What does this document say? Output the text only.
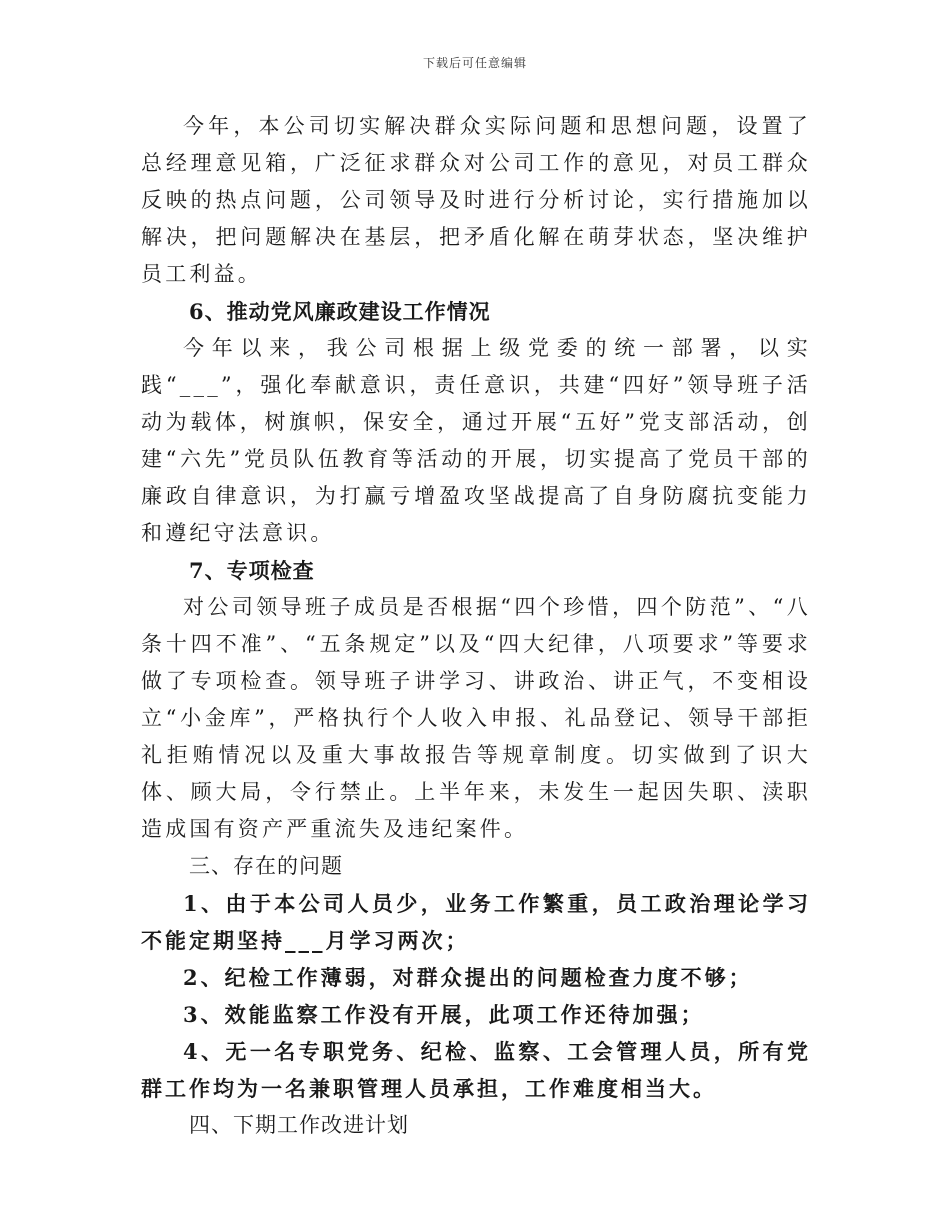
下载后可任意编辑

今年，本公司切实解决群众实际问题和思想问题，设置了总经理意见箱，广泛征求群众对公司工作的意见，对员工群众反映的热点问题，公司领导及时进行分析讨论，实行措施加以解决，把问题解决在基层，把矛盾化解在萌芽状态，坚决维护员工利益。

6、推动党风廉政建设工作情况

今年以来，我公司根据上级党委的统一部署，以实践“___”，强化奉献意识，责任意识，共建“四好”领导班子活动为载体，树旗帜，保安全，通过开展“五好”党支部活动，创建“六先”党员队伍教育等活动的开展，切实提高了党员干部的廉政自律意识，为打赢亏增盈攻坚战提高了自身防腐抗变能力和遵纪守法意识。

7、专项检查

对公司领导班子成员是否根据“四个珍惜，四个防范”、“八条十四不准”、“五条规定”以及“四大纪律，八项要求”等要求做了专项检查。领导班子讲学习、讲政治、讲正气，不变相设立“小金库”，严格执行个人收入申报、礼品登记、领导干部拒礼拒贿情况以及重大事故报告等规章制度。切实做到了识大体、顾大局，令行禁止。上半年来，未发生一起因失职、渎职造成国有资产严重流失及违纪案件。

三、存在的问题

1、由于本公司人员少，业务工作繁重，员工政治理论学习不能定期坚持___月学习两次；

2、纪检工作薄弱，对群众提出的问题检查力度不够；

3、效能监察工作没有开展，此项工作还待加强；

4、无一名专职党务、纪检、监察、工会管理人员，所有党群工作均为一名兼职管理人员承担，工作难度相当大。

四、下期工作改进计划
